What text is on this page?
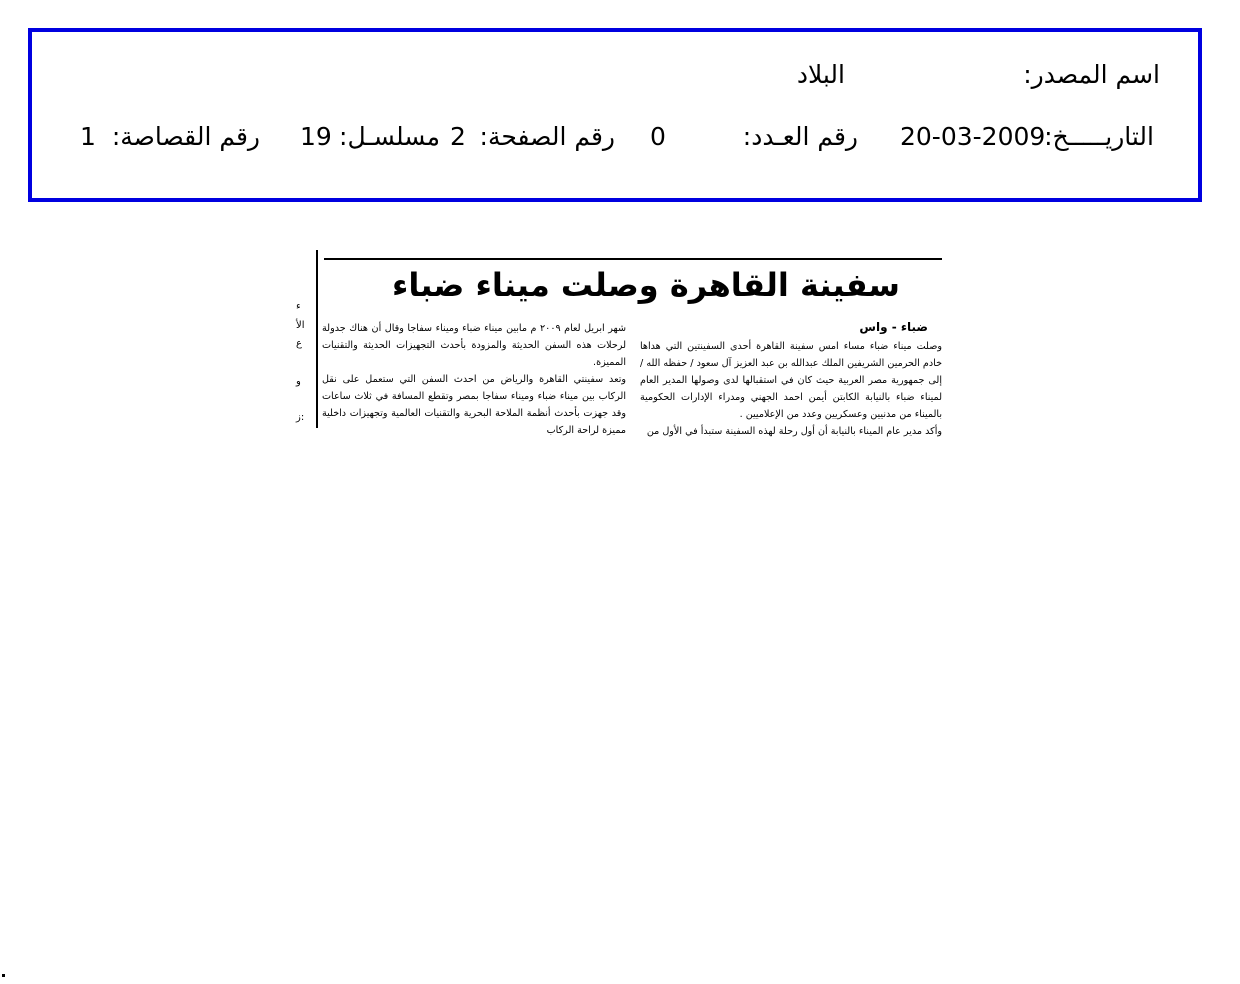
اسم المصدر:
البلاد
التاريـــــخ:
20-03-2009
رقم العـدد:
0
رقم الصفحة:
2
مسلسـل:
19
رقم القصاصة:
1
سفينة القاهرة وصلت ميناء ضباء
ضباء - واس

وصلت ميناء ضباء مساء امس سفينة القاهرة أحدى السفينتين التي هداها خادم الحرمين الشريفين الملك عبدالله بن عبد العزيز آل سعود / حفظه الله / إلى جمهورية مصر العربية حيث كان في استقبالها لدى وصولها المدير العام لميناء ضباء بالنيابة الكابتن أيمن احمد الجهني ومدراء الإدارات الحكومية بالميناء من مدنيين وعسكريين وعدد من الإعلاميين .

وأكد مدير عام الميناء بالنيابة أن أول رحلة لهذه السفينة ستبدأ في الأول من

شهر ابريل لعام ٢٠٠٩ م مابين ميناء ضباء وميناء سفاجا وقال أن هناك جدولة لرحلات هذه السفن الحديثة والمزودة بأحدث التجهيزات الحديثة والتقنيات المميزة.

وتعد سفينتي القاهرة والرياض من احدث السفن التي ستعمل على نقل الركاب بين ميناء ضباء وميناء سفاجا بمصر وتقطع المسافة في ثلاث ساعات وقد جهزت بأحدث أنظمة الملاحة البحرية والتقنيات العالمية وتجهيزات داخلية مميزة لراحة الركاب

ء
الأ
ع
و
ز:
